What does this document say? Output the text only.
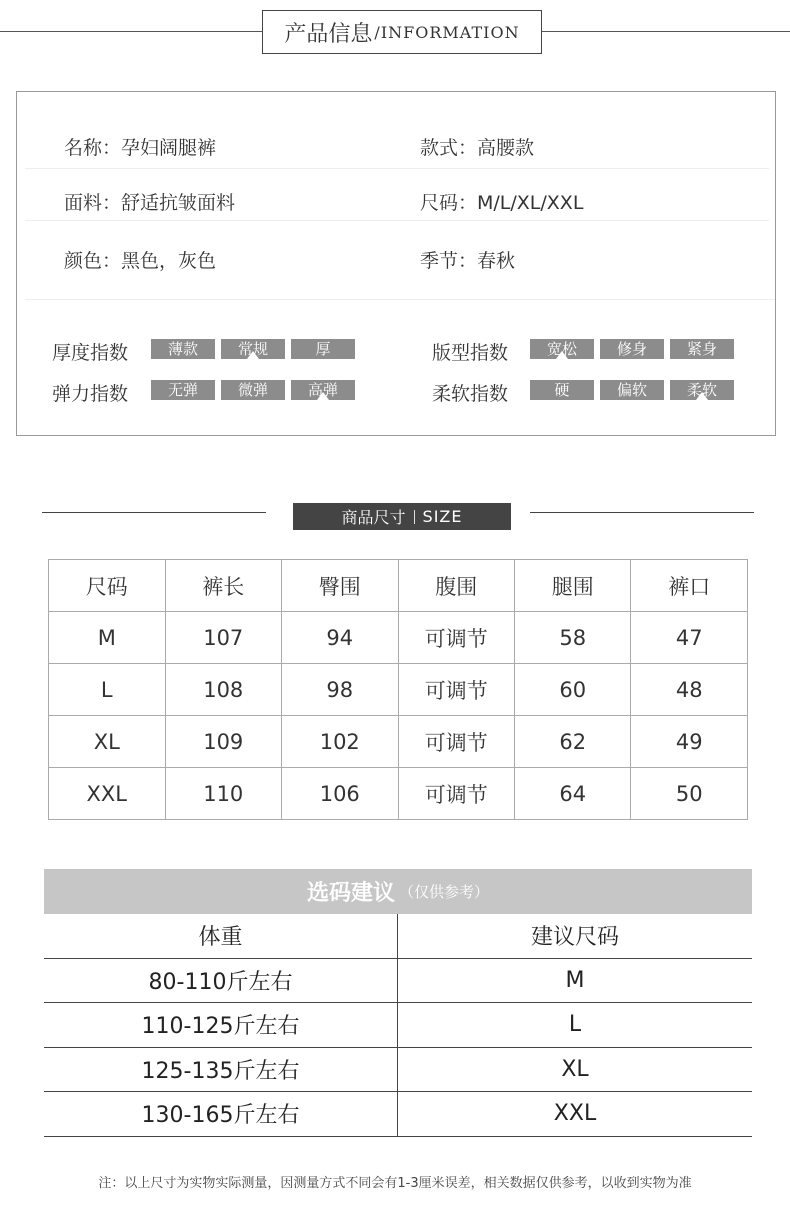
产品信息 /INFORMATION
名称：孕妇阔腿裤	款式：高腰款
面料：舒适抗皱面料	尺码：M/L/XL/XXL
颜色：黑色，灰色	季节：春秋
厚度指数	薄款	常规	厚
弹力指数	无弹	微弹	高弹
版型指数	宽松	修身	紧身
柔软指数	硬	偏软	柔软
商品尺寸 SIZE
尺码	裤长	臀围	腹围	腿围	裤口
M	107	94	可调节	58	47
L	108	98	可调节	60	48
XL	109	102	可调节	62	49
XXL	110	106	可调节	64	50
选码建议 （仅供参考）
体重	建议尺码
80-110斤左右	M
110-125斤左右	L
125-135斤左右	XL
130-165斤左右	XXL
注：以上尺寸为实物实际测量，因测量方式不同会有1-3厘米误差，相关数据仅供参考，以收到实物为准
